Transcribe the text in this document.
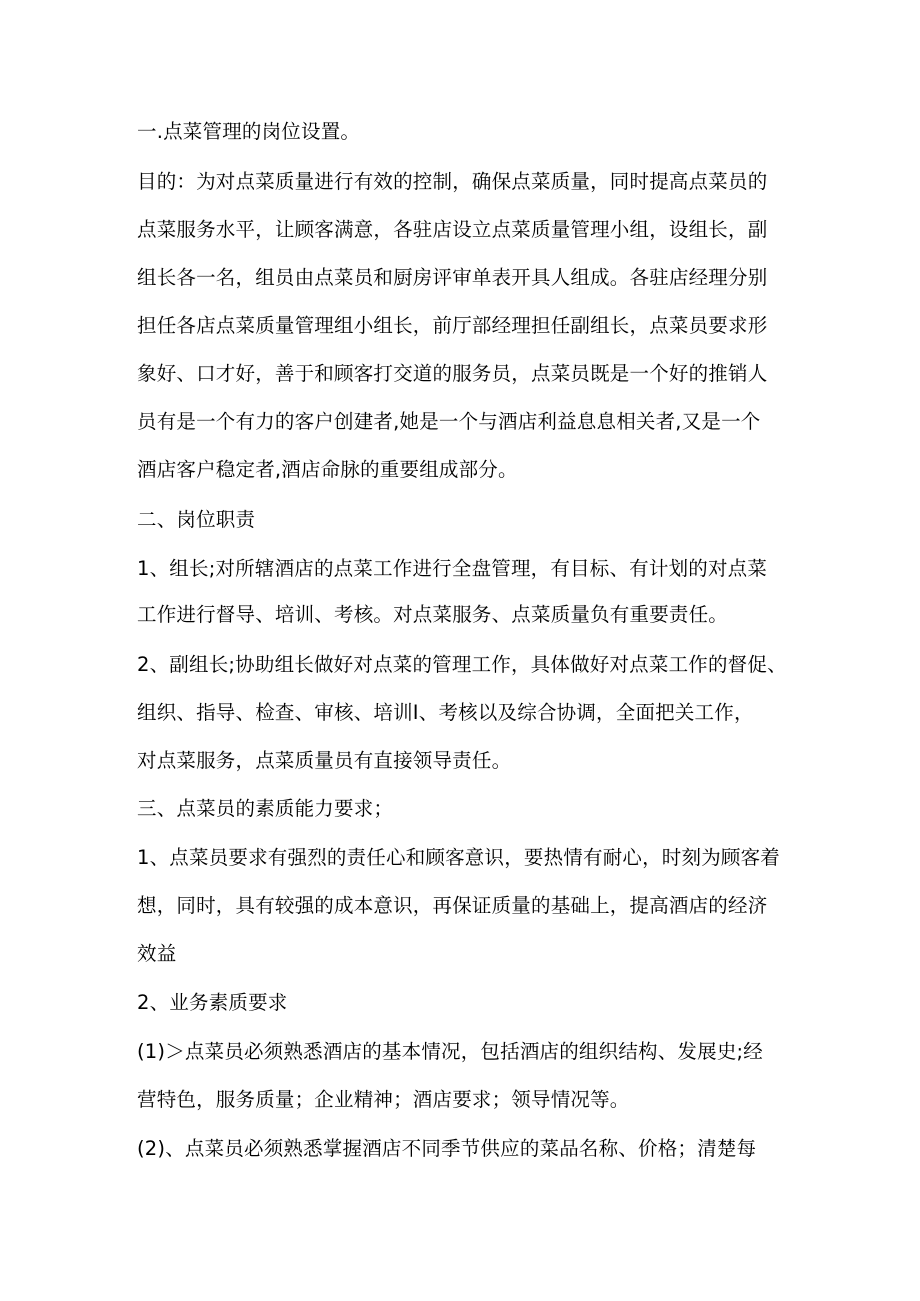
一.点菜管理的岗位设置。

目的：为对点菜质量进行有效的控制，确保点菜质量，同时提高点菜员的

点菜服务水平，让顾客满意，各驻店设立点菜质量管理小组，设组长，副

组长各一名，组员由点菜员和厨房评审单表开具人组成。各驻店经理分别

担任各店点菜质量管理组小组长，前厅部经理担任副组长，点菜员要求形

象好、口才好，善于和顾客打交道的服务员，点菜员既是一个好的推销人

员有是一个有力的客户创建者,她是一个与酒店利益息息相关者,又是一个

酒店客户稳定者,酒店命脉的重要组成部分。

二、岗位职责

1、组长;对所辖酒店的点菜工作进行全盘管理，有目标、有计划的对点菜

工作进行督导、培训、考核。对点菜服务、点菜质量负有重要责任。

2、副组长;协助组长做好对点菜的管理工作，具体做好对点菜工作的督促、

组织、指导、检查、审核、培训I、考核以及综合协调，全面把关工作，

对点菜服务，点菜质量员有直接领导责任。

三、点菜员的素质能力要求；

1、点菜员要求有强烈的责任心和顾客意识，要热情有耐心，时刻为顾客着

想，同时，具有较强的成本意识，再保证质量的基础上，提高酒店的经济

效益

2、业务素质要求

(1)＞点菜员必须熟悉酒店的基本情况，包括酒店的组织结构、发展史;经

营特色，服务质量；企业精神；酒店要求；领导情况等。

(2)、点菜员必须熟悉掌握酒店不同季节供应的菜品名称、价格；清楚每
